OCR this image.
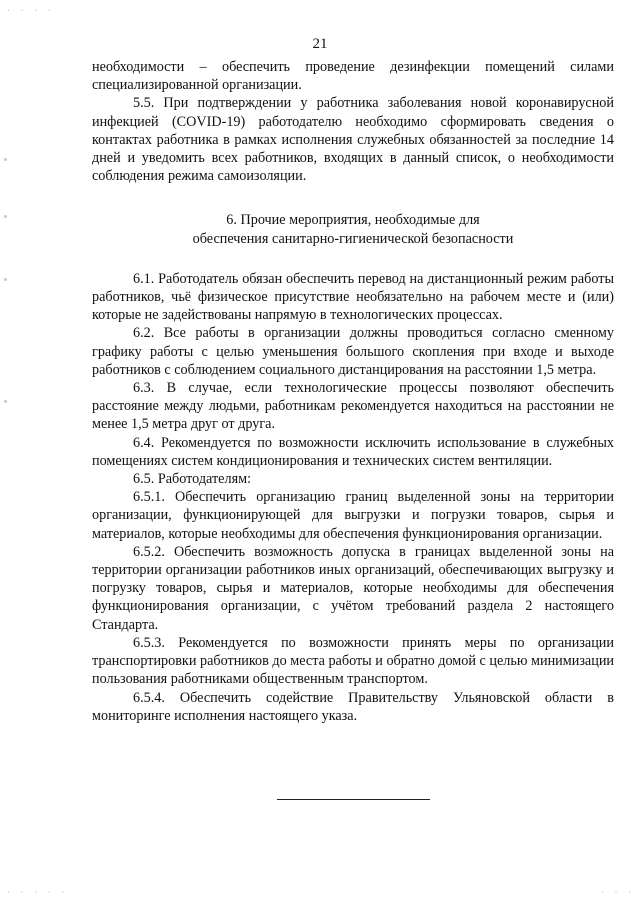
· · · ·
· · · · ·	· · ·
21

необходимости – обеспечить проведение дезинфекции помещений силами специализированной организации.

5.5. При подтверждении у работника заболевания новой коронавирусной инфекцией (COVID-19) работодателю необходимо сформировать сведения о контактах работника в рамках исполнения служебных обязанностей за последние 14 дней и уведомить всех работников, входящих в данный список, о необходимости соблюдения режима самоизоляции.

6. Прочие мероприятия, необходимые для
обеспечения санитарно-гигиенической безопасности

6.1. Работодатель обязан обеспечить перевод на дистанционный режим работы работников, чьё физическое присутствие необязательно на рабочем месте и (или) которые не задействованы напрямую в технологических процессах.

6.2. Все работы в организации должны проводиться согласно сменному графику работы с целью уменьшения большого скопления при входе и выходе работников с соблюдением социального дистанцирования на расстоянии 1,5 метра.

6.3. В случае, если технологические процессы позволяют обеспечить расстояние между людьми, работникам рекомендуется находиться на расстоянии не менее 1,5 метра друг от друга.

6.4. Рекомендуется по возможности исключить использование в служебных помещениях систем кондиционирования и технических систем вентиляции.

6.5. Работодателям:

6.5.1. Обеспечить организацию границ выделенной зоны на территории организации, функционирующей для выгрузки и погрузки товаров, сырья и материалов, которые необходимы для обеспечения функционирования организации.

6.5.2. Обеспечить возможность допуска в границах выделенной зоны на территории организации работников иных организаций, обеспечивающих выгрузку и погрузку товаров, сырья и материалов, которые необходимы для обеспечения функционирования организации, с учётом требований раздела 2 настоящего Стандарта.

6.5.3. Рекомендуется по возможности принять меры по организации транспортировки работников до места работы и обратно домой с целью минимизации пользования работниками общественным транспортом.

6.5.4. Обеспечить содействие Правительству Ульяновской области в мониторинге исполнения настоящего указа.
